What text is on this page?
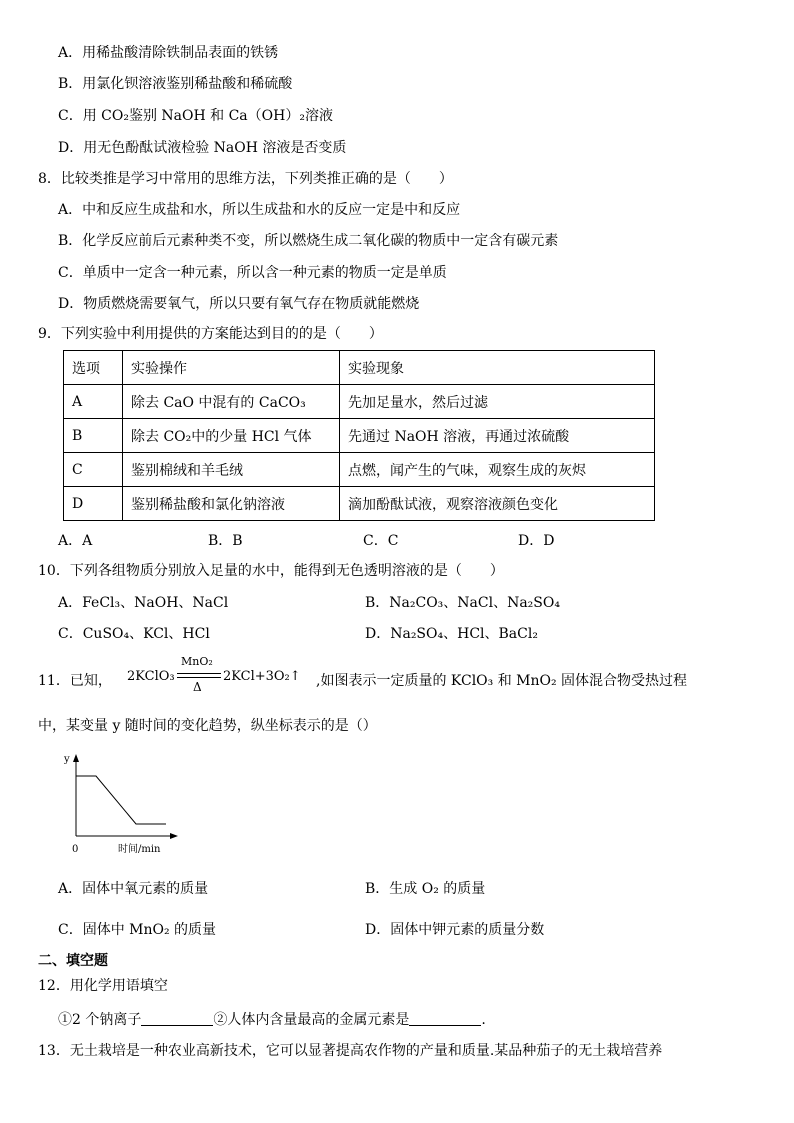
A．用稀盐酸清除铁制品表面的铁锈
B．用氯化钡溶液鉴别稀盐酸和稀硫酸
C．用 CO₂鉴别 NaOH 和 Ca（OH）₂溶液
D．用无色酚酞试液检验 NaOH 溶液是否变质
8．比较类推是学习中常用的思维方法，下列类推正确的是（　　）
A．中和反应生成盐和水，所以生成盐和水的反应一定是中和反应
B．化学反应前后元素种类不变，所以燃烧生成二氧化碳的物质中一定含有碳元素
C．单质中一定含一种元素，所以含一种元素的物质一定是单质
D．物质燃烧需要氧气，所以只要有氧气存在物质就能燃烧
9．下列实验中利用提供的方案能达到目的的是（　　）
选项	实验操作	实验现象
A	除去 CaO 中混有的 CaCO₃	先加足量水，然后过滤
B	除去 CO₂中的少量 HCl 气体	先通过 NaOH 溶液，再通过浓硫酸
C	鉴别棉绒和羊毛绒	点燃，闻产生的气味，观察生成的灰烬
D	鉴别稀盐酸和氯化钠溶液	滴加酚酞试液，观察溶液颜色变化
A．A	B．B	C．C	D．D
10．下列各组物质分别放入足量的水中，能得到无色透明溶液的是（　　）
A．FeCl₃、NaOH、NaCl	B．Na₂CO₃、NaCl、Na₂SO₄
C．CuSO₄、KCl、HCl	D．Na₂SO₄、HCl、BaCl₂
11．已知， 2KClO₃
MnO₂
Δ
2KCl+3O₂↑ ,如图表示一定质量的 KClO₃ 和 MnO₂ 固体混合物受热过程
中，某变量 y 随时间的变化趋势，纵坐标表示的是（）
y
0	时间/min
A．固体中氧元素的质量	B．生成 O₂ 的质量
C．固体中 MnO₂ 的质量	D．固体中钾元素的质量分数
二、填空题
12．用化学用语填空
①2 个钠离子	②人体内含量最高的金属元素是	.
13．无土栽培是一种农业高新技术，它可以显著提高农作物的产量和质量.某品种茄子的无土栽培营养
